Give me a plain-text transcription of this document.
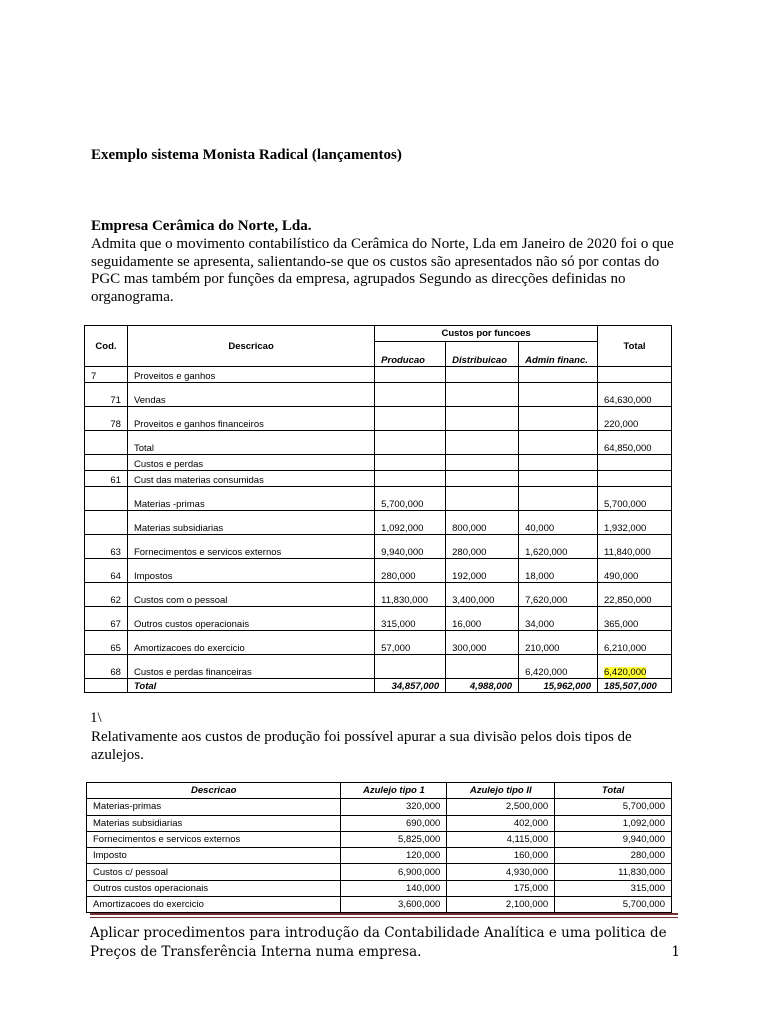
Exemplo sistema Monista Radical (lançamentos)
Empresa Cerâmica do Norte, Lda.
Admita que o movimento contabilístico da Cerâmica do Norte, Lda em Janeiro de 2020 foi o que seguidamente se apresenta, salientando-se que os custos são apresentados não só por contas do PGC mas também por funções da empresa, agrupados Segundo as direcções definidas no organograma.
Cod.	Descricao	Custos por funcoes			Total
		Producao	Distribuicao	Admin financ.	
7	Proveitos e ganhos				
71	Vendas				64,630,000
78	Proveitos e ganhos financeiros				220,000
	Total				64,850,000
	Custos e perdas				
61	Cust das materias consumidas				
	Materias -primas	5,700,000			5,700,000
	Materias subsidiarias	1,092,000	800,000	40,000	1,932,000
63	Fornecimentos e servicos externos	9,940,000	280,000	1,620,000	11,840,000
64	Impostos	280,000	192,000	18,000	490,000
62	Custos com o pessoal	11,830,000	3,400,000	7,620,000	22,850,000
67	Outros custos operacionais	315,000	16,000	34,000	365,000
65	Amortizacoes do exercicio	57,000	300,000	210,000	6,210,000
68	Custos e perdas financeiras			6,420,000	6,420,000
	Total	34,857,000	4,988,000	15,962,000	185,507,000
1\
Relativamente aos custos de produção foi possível apurar a sua divisão pelos dois tipos de azulejos.
Descricao	Azulejo tipo 1	Azulejo tipo II	Total
Materias-primas	320,000	2,500,000	5,700,000
Materias subsidiarias	690,000	402,000	1,092,000
Fornecimentos e servicos externos	5,825,000	4,115,000	9,940,000
Imposto	120,000	160,000	280,000
Custos c/ pessoal	6,900,000	4,930,000	11,830,000
Outros custos operacionais	140,000	175,000	315,000
Amortizacoes do exercicio	3,600,000	2,100,000	5,700,000
Aplicar procedimentos para introdução da Contabilidade Analítica e uma politica de Preços de Transferência Interna numa empresa.	1
